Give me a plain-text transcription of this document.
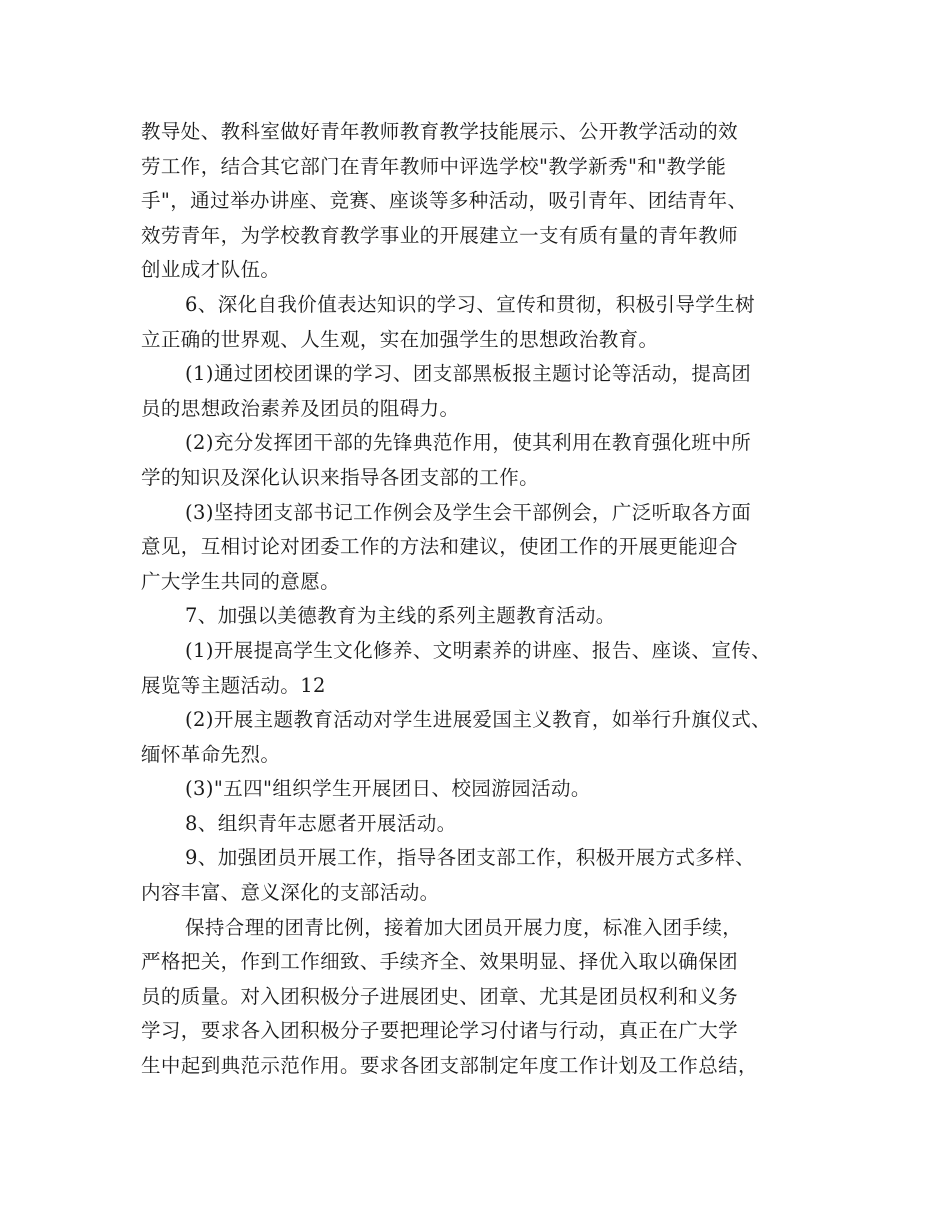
教导处、教科室做好青年教师教育教学技能展示、公开教学活动的效
劳工作，结合其它部门在青年教师中评选学校"教学新秀"和"教学能
手"，通过举办讲座、竞赛、座谈等多种活动，吸引青年、团结青年、
效劳青年，为学校教育教学事业的开展建立一支有质有量的青年教师
创业成才队伍。
6、深化自我价值表达知识的学习、宣传和贯彻，积极引导学生树
立正确的世界观、人生观，实在加强学生的思想政治教育。
(1)通过团校团课的学习、团支部黑板报主题讨论等活动，提高团
员的思想政治素养及团员的阻碍力。
(2)充分发挥团干部的先锋典范作用，使其利用在教育强化班中所
学的知识及深化认识来指导各团支部的工作。
(3)坚持团支部书记工作例会及学生会干部例会，广泛听取各方面
意见，互相讨论对团委工作的方法和建议，使团工作的开展更能迎合
广大学生共同的意愿。
7、加强以美德教育为主线的系列主题教育活动。
(1)开展提高学生文化修养、文明素养的讲座、报告、座谈、宣传、
展览等主题活动。12
(2)开展主题教育活动对学生进展爱国主义教育，如举行升旗仪式、
缅怀革命先烈。
(3)"五四"组织学生开展团日、校园游园活动。
8、组织青年志愿者开展活动。
9、加强团员开展工作，指导各团支部工作，积极开展方式多样、
内容丰富、意义深化的支部活动。
保持合理的团青比例，接着加大团员开展力度，标准入团手续，
严格把关，作到工作细致、手续齐全、效果明显、择优入取以确保团
员的质量。对入团积极分子进展团史、团章、尤其是团员权利和义务
学习，要求各入团积极分子要把理论学习付诸与行动，真正在广大学
生中起到典范示范作用。要求各团支部制定年度工作计划及工作总结，
